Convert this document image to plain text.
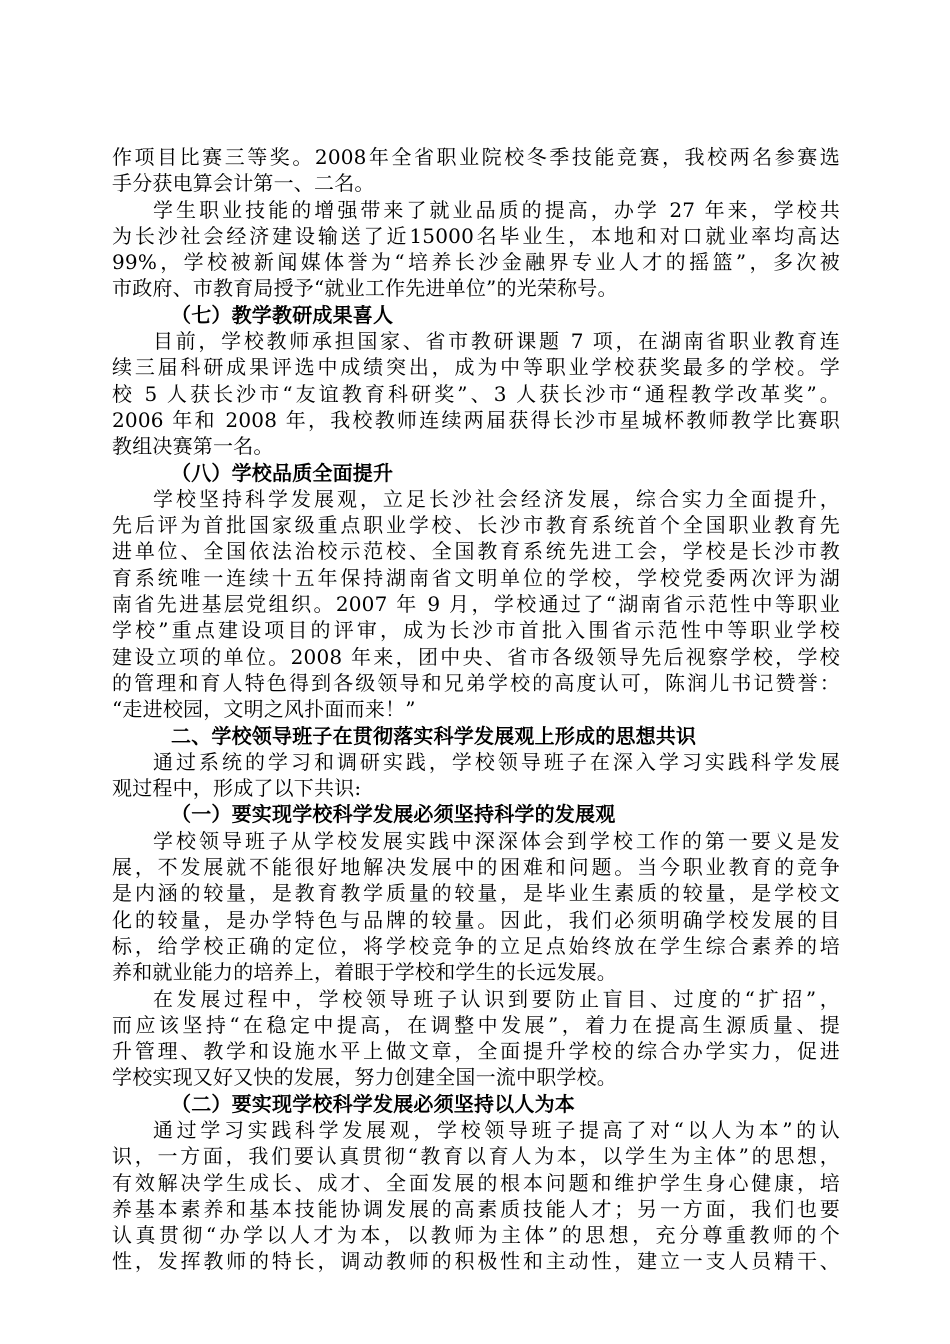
作项目比赛三等奖。2008年全省职业院校冬季技能竞赛，我校两名参赛选
手分获电算会计第一、二名。
学生职业技能的增强带来了就业品质的提高，办学 27 年来，学校共
为长沙社会经济建设输送了近15000名毕业生，本地和对口就业率均高达
99%，学校被新闻媒体誉为“培养长沙金融界专业人才的摇篮”，多次被
市政府、市教育局授予“就业工作先进单位”的光荣称号。
（七）教学教研成果喜人
目前，学校教师承担国家、省市教研课题 7 项，在湖南省职业教育连
续三届科研成果评选中成绩突出，成为中等职业学校获奖最多的学校。学
校 5 人获长沙市“友谊教育科研奖”、3 人获长沙市“通程教学改革奖”。
2006 年和 2008 年，我校教师连续两届获得长沙市星城杯教师教学比赛职
教组决赛第一名。
（八）学校品质全面提升
学校坚持科学发展观，立足长沙社会经济发展，综合实力全面提升，
先后评为首批国家级重点职业学校、长沙市教育系统首个全国职业教育先
进单位、全国依法治校示范校、全国教育系统先进工会，学校是长沙市教
育系统唯一连续十五年保持湖南省文明单位的学校，学校党委两次评为湖
南省先进基层党组织。2007 年 9 月，学校通过了“湖南省示范性中等职业
学校”重点建设项目的评审，成为长沙市首批入围省示范性中等职业学校
建设立项的单位。2008 年来，团中央、省市各级领导先后视察学校，学校
的管理和育人特色得到各级领导和兄弟学校的高度认可，陈润儿书记赞誉：
“走进校园，文明之风扑面而来！”
二、学校领导班子在贯彻落实科学发展观上形成的思想共识
通过系统的学习和调研实践，学校领导班子在深入学习实践科学发展
观过程中，形成了以下共识:
（一）要实现学校科学发展必须坚持科学的发展观
学校领导班子从学校发展实践中深深体会到学校工作的第一要义是发
展，不发展就不能很好地解决发展中的困难和问题。当今职业教育的竞争
是内涵的较量，是教育教学质量的较量，是毕业生素质的较量，是学校文
化的较量，是办学特色与品牌的较量。因此，我们必须明确学校发展的目
标，给学校正确的定位，将学校竞争的立足点始终放在学生综合素养的培
养和就业能力的培养上，着眼于学校和学生的长远发展。
在发展过程中，学校领导班子认识到要防止盲目、过度的“扩招”，
而应该坚持“在稳定中提高，在调整中发展”，着力在提高生源质量、提
升管理、教学和设施水平上做文章，全面提升学校的综合办学实力，促进
学校实现又好又快的发展，努力创建全国一流中职学校。
（二）要实现学校科学发展必须坚持以人为本
通过学习实践科学发展观，学校领导班子提高了对“以人为本”的认
识，一方面，我们要认真贯彻“教育以育人为本，以学生为主体”的思想，
有效解决学生成长、成才、全面发展的根本问题和维护学生身心健康，培
养基本素养和基本技能协调发展的高素质技能人才；另一方面，我们也要
认真贯彻“办学以人才为本，以教师为主体”的思想，充分尊重教师的个
性，发挥教师的特长，调动教师的积极性和主动性，建立一支人员精干、
